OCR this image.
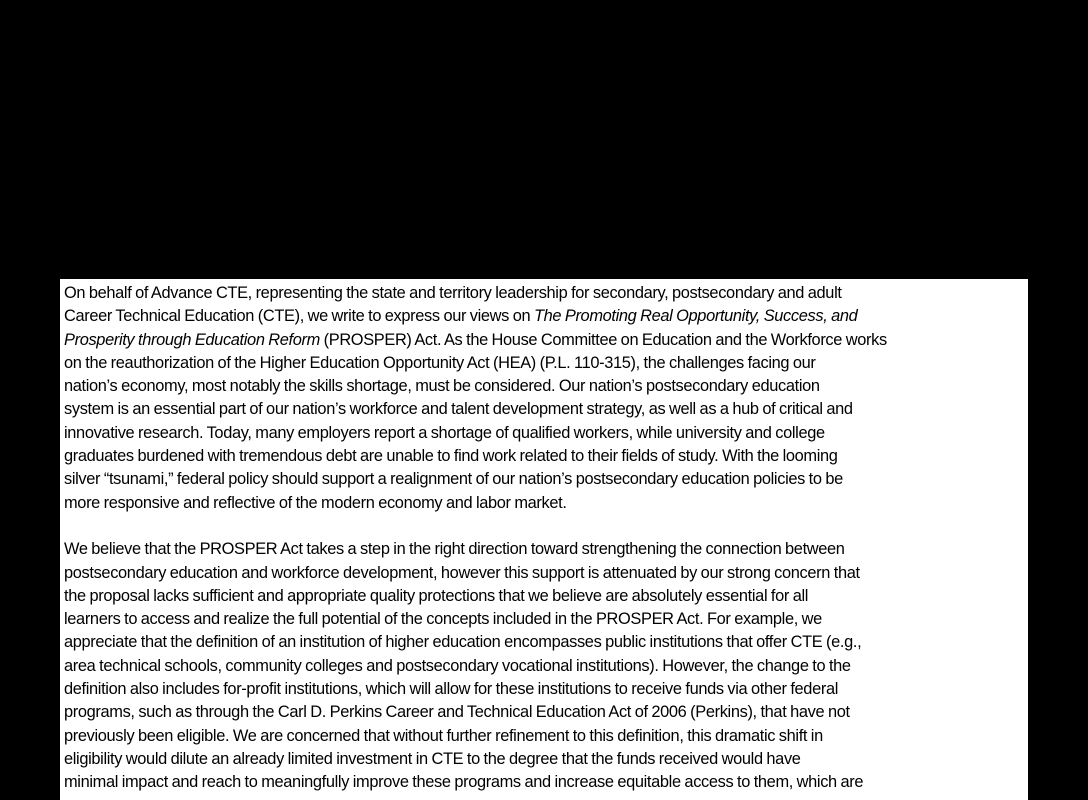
On behalf of Advance CTE, representing the state and territory leadership for secondary, postsecondary and adult
Career Technical Education (CTE), we write to express our views on The Promoting Real Opportunity, Success, and
Prosperity through Education Reform (PROSPER) Act. As the House Committee on Education and the Workforce works
on the reauthorization of the Higher Education Opportunity Act (HEA) (P.L. 110-315), the challenges facing our
nation’s economy, most notably the skills shortage, must be considered. Our nation’s postsecondary education
system is an essential part of our nation’s workforce and talent development strategy, as well as a hub of critical and
innovative research. Today, many employers report a shortage of qualified workers, while university and college
graduates burdened with tremendous debt are unable to find work related to their fields of study. With the looming
silver “tsunami,” federal policy should support a realignment of our nation’s postsecondary education policies to be
more responsive and reflective of the modern economy and labor market.

We believe that the PROSPER Act takes a step in the right direction toward strengthening the connection between
postsecondary education and workforce development, however this support is attenuated by our strong concern that
the proposal lacks sufficient and appropriate quality protections that we believe are absolutely essential for all
learners to access and realize the full potential of the concepts included in the PROSPER Act. For example, we
appreciate that the definition of an institution of higher education encompasses public institutions that offer CTE (e.g.,
area technical schools, community colleges and postsecondary vocational institutions). However, the change to the
definition also includes for-profit institutions, which will allow for these institutions to receive funds via other federal
programs, such as through the Carl D. Perkins Career and Technical Education Act of 2006 (Perkins), that have not
previously been eligible. We are concerned that without further refinement to this definition, this dramatic shift in
eligibility would dilute an already limited investment in CTE to the degree that the funds received would have
minimal impact and reach to meaningfully improve these programs and increase equitable access to them, which are
